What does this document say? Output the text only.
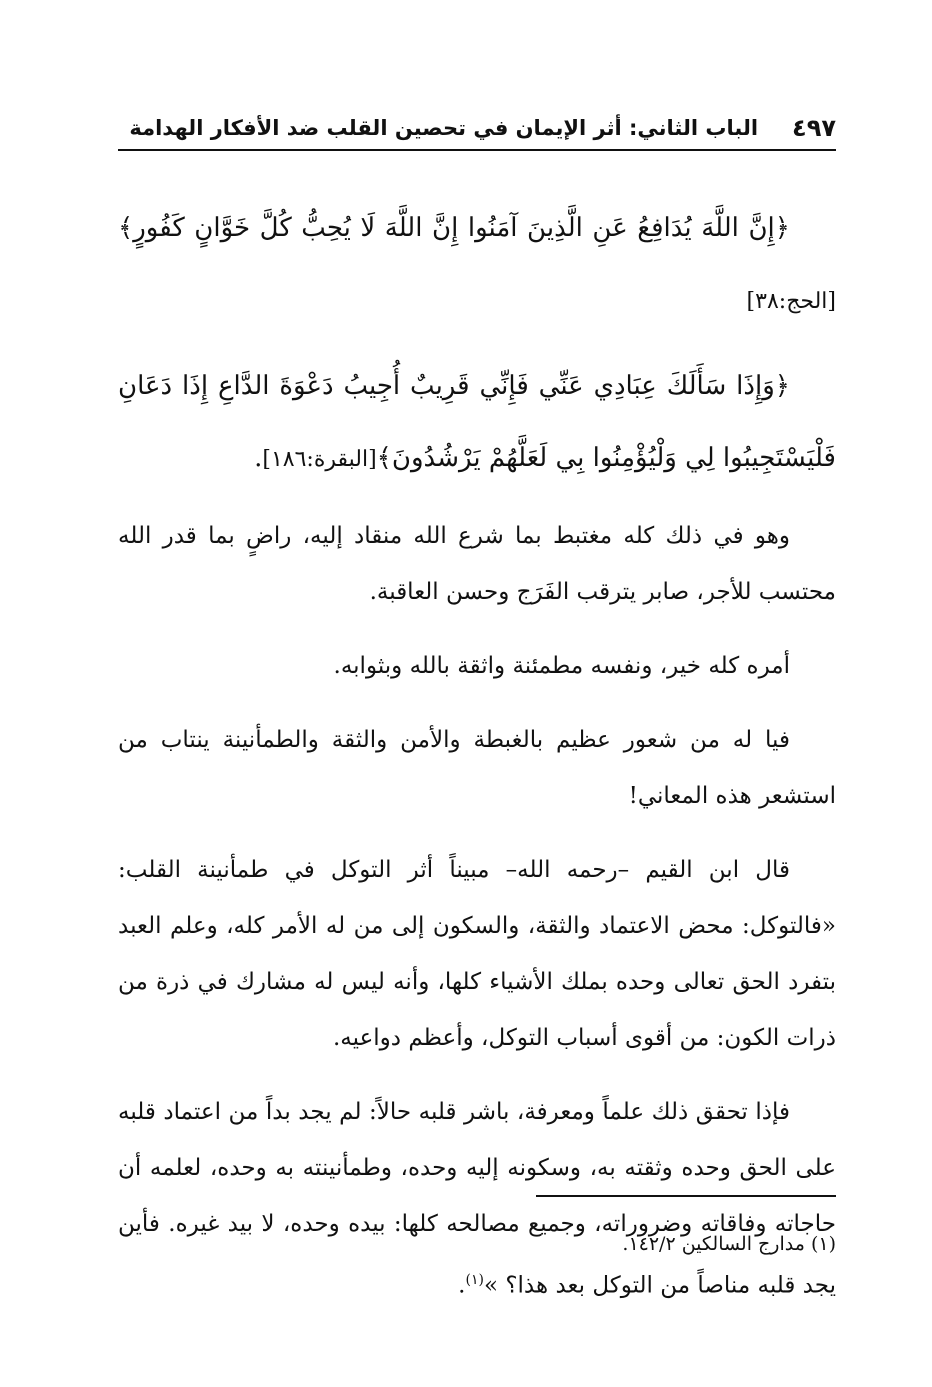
٤٩٧
الباب الثاني: أثر الإيمان في تحصين القلب ضد الأفكار الهدامة

﴿إِنَّ اللَّهَ يُدَافِعُ عَنِ الَّذِينَ آمَنُوا إِنَّ اللَّهَ لَا يُحِبُّ كُلَّ خَوَّانٍ كَفُورٍ﴾[الحج:٣٨]

﴿وَإِذَا سَأَلَكَ عِبَادِي عَنِّي فَإِنِّي قَرِيبٌ أُجِيبُ دَعْوَةَ الدَّاعِ إِذَا دَعَانِ فَلْيَسْتَجِيبُوا لِي وَلْيُؤْمِنُوا بِي لَعَلَّهُمْ يَرْشُدُونَ﴾[البقرة:١٨٦].

وهو في ذلك كله مغتبط بما شرع الله منقاد إليه، راضٍ بما قدر الله محتسب للأجر، صابر يترقب الفَرَج وحسن العاقبة.

أمره كله خير، ونفسه مطمئنة واثقة بالله وبثوابه.

فيا له من شعور عظيم بالغبطة والأمن والثقة والطمأنينة ينتاب من استشعر هذه المعاني!

قال ابن القيم –رحمه الله– مبيناً أثر التوكل في طمأنينة القلب: «فالتوكل: محض الاعتماد والثقة، والسكون إلى من له الأمر كله، وعلم العبد بتفرد الحق تعالى وحده بملك الأشياء كلها، وأنه ليس له مشارك في ذرة من ذرات الكون: من أقوى أسباب التوكل، وأعظم دواعيه.

فإذا تحقق ذلك علماً ومعرفة، باشر قلبه حالاً: لم يجد بداً من اعتماد قلبه على الحق وحده وثقته به، وسكونه إليه وحده، وطمأنينته به وحده، لعلمه أن حاجاته وفاقاته وضروراته، وجميع مصالحه كلها: بيده وحده، لا بيد غيره. فأين يجد قلبه مناصاً من التوكل بعد هذا؟ »$^{(١)}$.

(١) مدارج السالكين ١٤٢/٢.
